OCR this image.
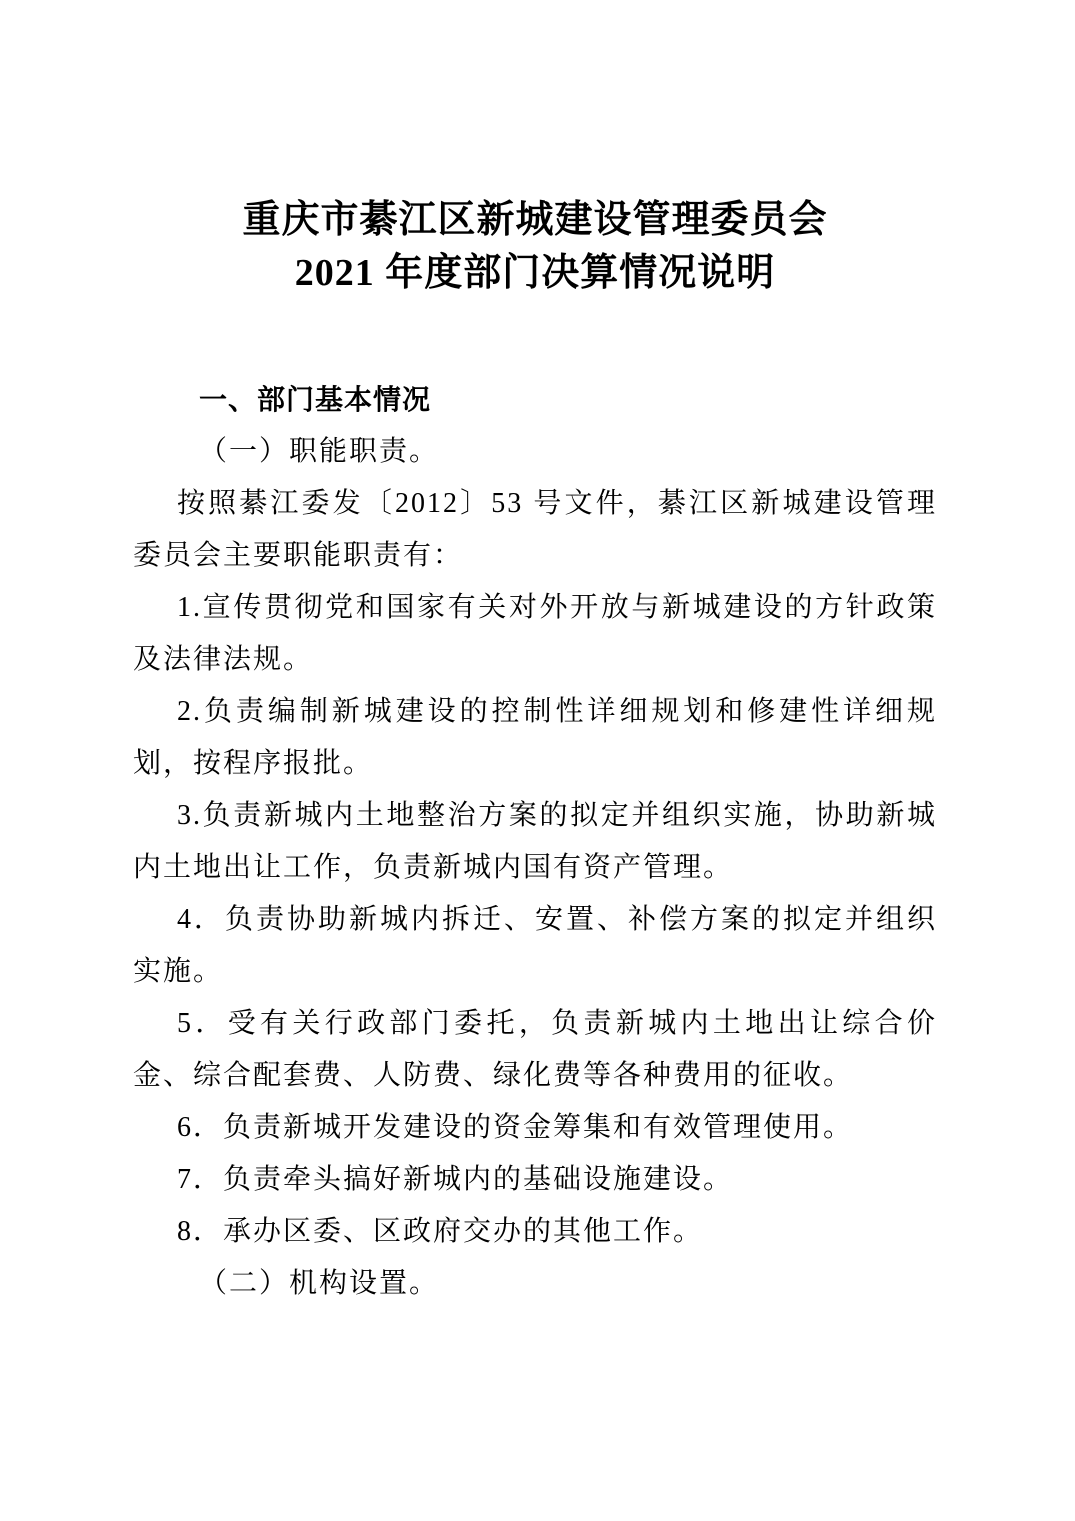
重庆市綦江区新城建设管理委员会
2021 年度部门决算情况说明
一、部门基本情况

（一）职能职责。

按照綦江委发〔2012〕53 号文件，綦江区新城建设管理委员会主要职能职责有：

1.宣传贯彻党和国家有关对外开放与新城建设的方针政策及法律法规。

2.负责编制新城建设的控制性详细规划和修建性详细规划，按程序报批。

3.负责新城内土地整治方案的拟定并组织实施，协助新城内土地出让工作，负责新城内国有资产管理。

4．负责协助新城内拆迁、安置、补偿方案的拟定并组织实施。

5．受有关行政部门委托，负责新城内土地出让综合价金、综合配套费、人防费、绿化费等各种费用的征收。

6．负责新城开发建设的资金筹集和有效管理使用。

7．负责牵头搞好新城内的基础设施建设。

8．承办区委、区政府交办的其他工作。

（二）机构设置。
